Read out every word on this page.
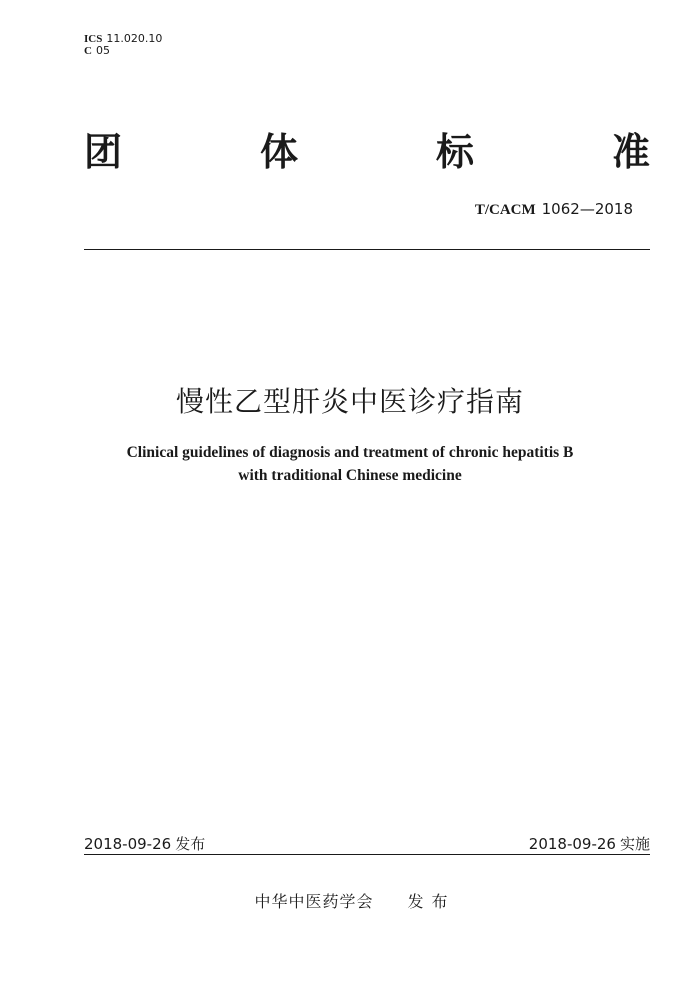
ICS 11.020.10
C 05
团	体	标	准
T/CACM 1062—2018
慢性乙型肝炎中医诊疗指南
Clinical guidelines of diagnosis and treatment of chronic hepatitis B
with traditional Chinese medicine
2018-09-26 发布	2018-09-26 实施
中华中医药学会 发布
